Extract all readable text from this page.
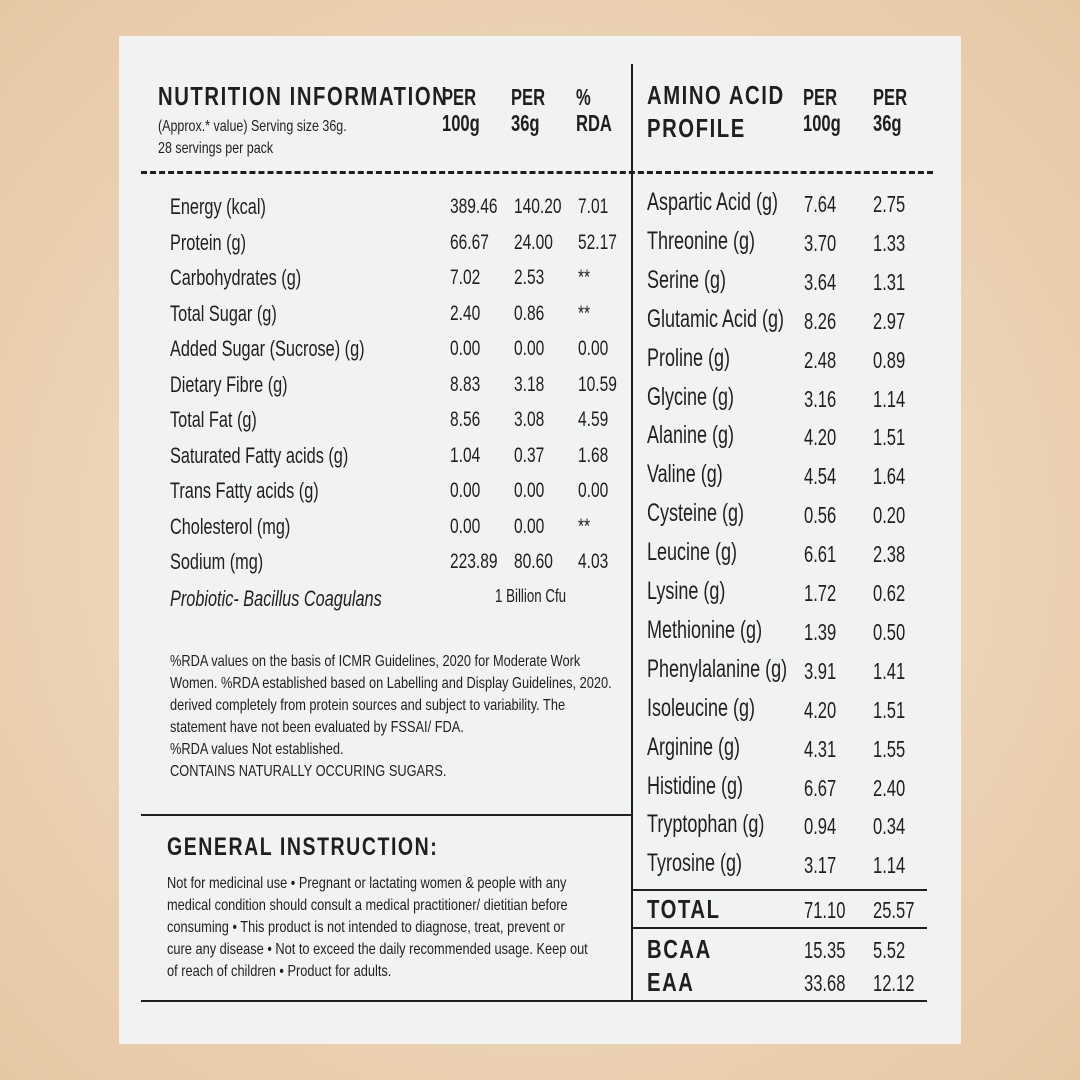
NUTRITION INFORMATION
(Approx.* value) Serving size 36g.
28 servings per pack
PER
100g
PER
36g
%
RDA
Energy (kcal)	389.46 140.20 7.01
Protein (g)	66.67	24.00	52.17
Carbohydrates (g)	7.02	2.53	**
Total Sugar (g)	2.40	0.86	**
Added Sugar (Sucrose) (g)	0.00	0.00	0.00
Dietary Fibre (g)	8.83	3.18	10.59
Total Fat (g)	8.56	3.08	4.59
Saturated Fatty acids (g)	1.04	0.37	1.68
Trans Fatty acids (g)	0.00	0.00	0.00
Cholesterol (mg)	0.00	0.00	**
Sodium (mg)	223.89 80.60	4.03
Probiotic- Bacillus Coagulans	1 Billion Cfu
%RDA values on the basis of ICMR Guidelines, 2020 for Moderate Work
Women. %RDA established based on Labelling and Display Guidelines, 2020.
derived completely from protein sources and subject to variability. The
statement have not been evaluated by FSSAI/ FDA.
%RDA values Not established.
CONTAINS NATURALLY OCCURING SUGARS.
GENERAL INSTRUCTION:
Not for medicinal use • Pregnant or lactating women & people with any
medical condition should consult a medical practitioner/ dietitian before
consuming • This product is not intended to diagnose, treat, prevent or
cure any disease • Not to exceed the daily recommended usage. Keep out
of reach of children • Product for adults.
AMINO ACID
PROFILE
PER
100g
PER
36g
Aspartic Acid (g)	7.64	2.75
Threonine (g)	3.70	1.33
Serine (g)	3.64	1.31
Glutamic Acid (g) 8.26	2.97
Proline (g)	2.48	0.89
Glycine (g)	3.16	1.14
Alanine (g)	4.20	1.51
Valine (g)	4.54	1.64
Cysteine (g)	0.56	0.20
Leucine (g)	6.61	2.38
Lysine (g)	1.72	0.62
Methionine (g)	1.39	0.50
Phenylalanine (g) 3.91	1.41
Isoleucine (g)	4.20	1.51
Arginine (g)	4.31	1.55
Histidine (g)	6.67	2.40
Tryptophan (g)	0.94	0.34
Tyrosine (g)	3.17	1.14
TOTAL	71.10	25.57
BCAA	15.35	5.52
EAA	33.68	12.12
